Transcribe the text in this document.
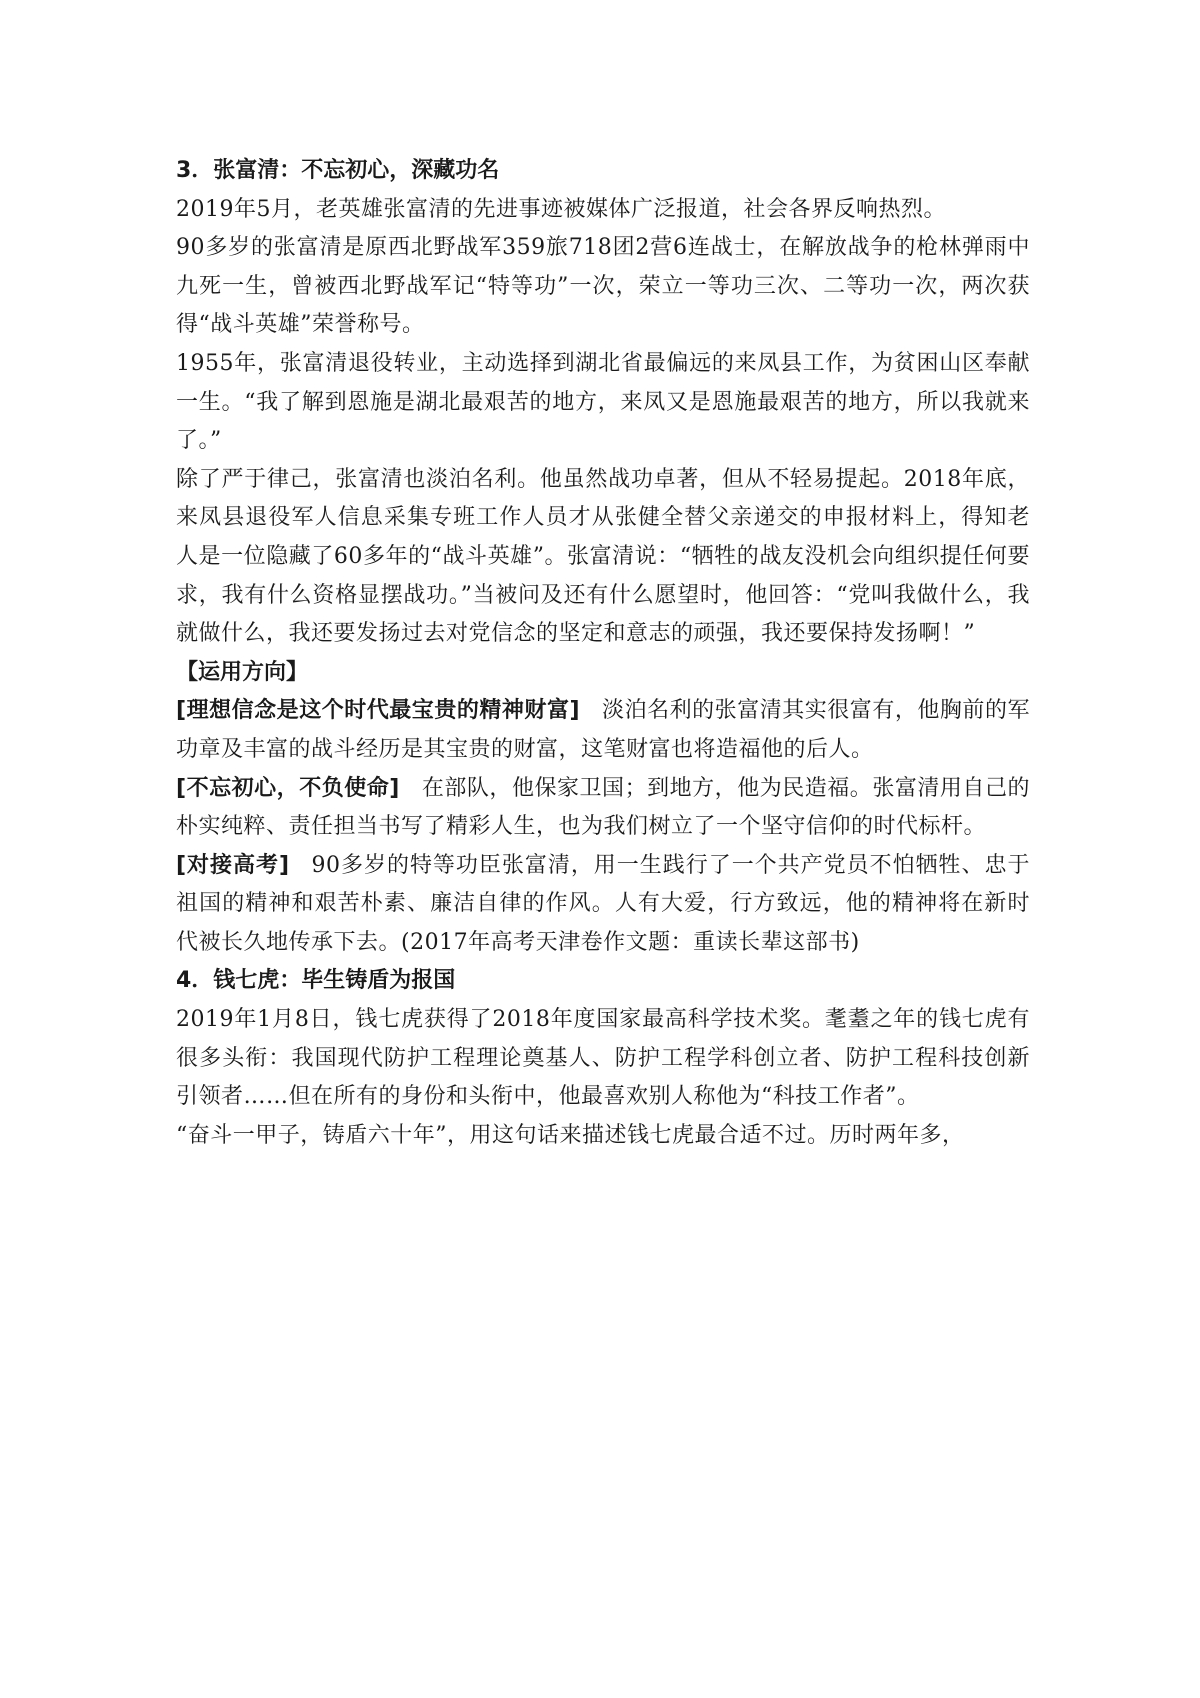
3．张富清：不忘初心，深藏功名

2019年5月，老英雄张富清的先进事迹被媒体广泛报道，社会各界反响热烈。

90多岁的张富清是原西北野战军359旅718团2营6连战士，在解放战争的枪林弹雨中九死一生，曾被西北野战军记“特等功”一次，荣立一等功三次、二等功一次，两次获得“战斗英雄”荣誉称号。

1955年，张富清退役转业，主动选择到湖北省最偏远的来凤县工作，为贫困山区奉献一生。“我了解到恩施是湖北最艰苦的地方，来凤又是恩施最艰苦的地方，所以我就来了。”

除了严于律己，张富清也淡泊名利。他虽然战功卓著，但从不轻易提起。2018年底，来凤县退役军人信息采集专班工作人员才从张健全替父亲递交的申报材料上，得知老人是一位隐藏了60多年的“战斗英雄”。张富清说：“牺牲的战友没机会向组织提任何要求，我有什么资格显摆战功。”当被问及还有什么愿望时，他回答：“党叫我做什么，我就做什么，我还要发扬过去对党信念的坚定和意志的顽强，我还要保持发扬啊！”

【运用方向】

[理想信念是这个时代最宝贵的精神财富] 淡泊名利的张富清其实很富有，他胸前的军功章及丰富的战斗经历是其宝贵的财富，这笔财富也将造福他的后人。

[不忘初心，不负使命] 在部队，他保家卫国；到地方，他为民造福。张富清用自己的朴实纯粹、责任担当书写了精彩人生，也为我们树立了一个坚守信仰的时代标杆。

[对接高考] 90多岁的特等功臣张富清，用一生践行了一个共产党员不怕牺牲、忠于祖国的精神和艰苦朴素、廉洁自律的作风。人有大爱，行方致远，他的精神将在新时代被长久地传承下去。(2017年高考天津卷作文题：重读长辈这部书)

4．钱七虎：毕生铸盾为报国

2019年1月8日，钱七虎获得了2018年度国家最高科学技术奖。耄耋之年的钱七虎有很多头衔：我国现代防护工程理论奠基人、防护工程学科创立者、防护工程科技创新引领者……但在所有的身份和头衔中，他最喜欢别人称他为“科技工作者”。

“奋斗一甲子，铸盾六十年”，用这句话来描述钱七虎最合适不过。历时两年多，
